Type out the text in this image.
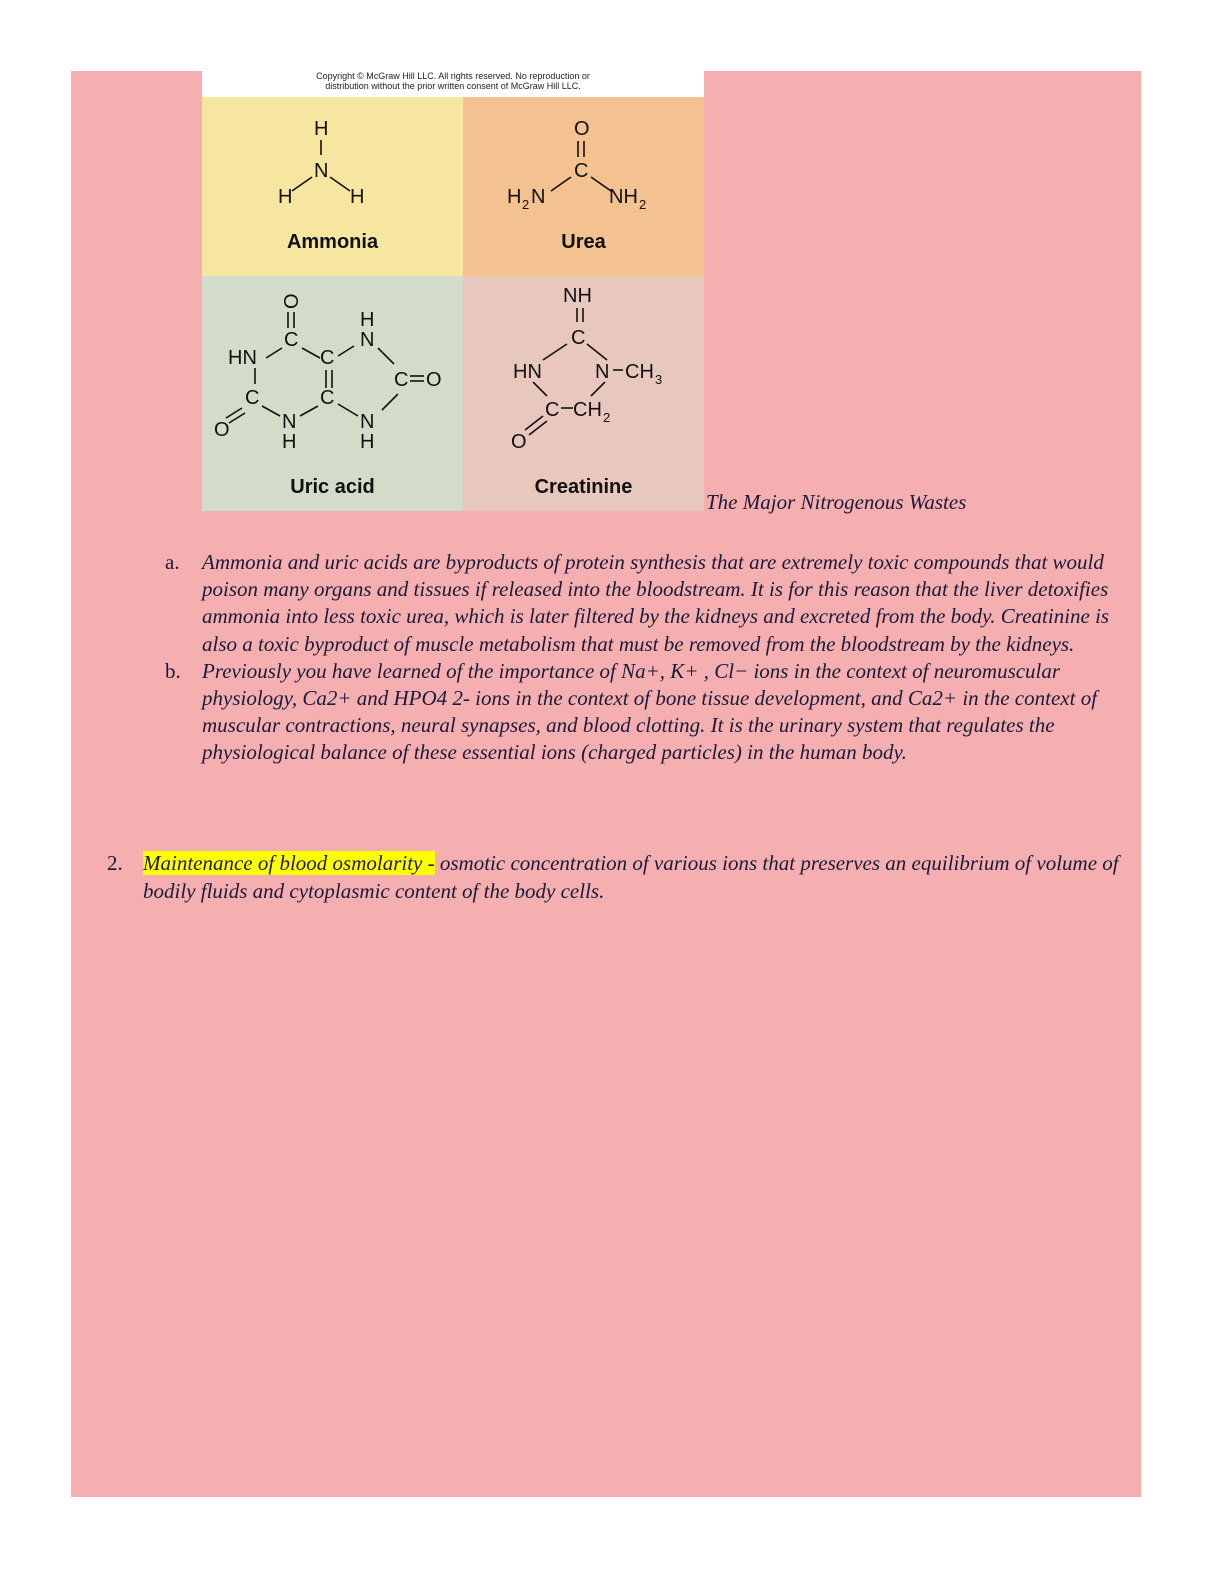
Copyright © McGraw Hill LLC. All rights reserved. No reproduction or
distribution without the prior written consent of McGraw Hill LLC.
H
N
H	H
Ammonia
O
C
H 2 N	NH 2
Urea
O
C
HN
C
O	N
H
C
C
N
H
C O
N
H
Uric acid
NH
C
HN	N CH 3
C CH 2
O
Creatinine
The Major Nitrogenous Wastes
a. Ammonia and uric acids are byproducts of protein synthesis that are extremely toxic compounds that would poison many organs and tissues if released into the bloodstream. It is for this reason that the liver detoxifies ammonia into less toxic urea, which is later filtered by the kidneys and excreted from the body. Creatinine is also a toxic byproduct of muscle metabolism that must be removed from the bloodstream by the kidneys.
b. Previously you have learned of the importance of Na+, K+ , Cl− ions in the context of neuromuscular physiology, Ca2+ and HPO4 2- ions in the context of bone tissue development, and Ca2+ in the context of muscular contractions, neural synapses, and blood clotting. It is the urinary system that regulates the physiological balance of these essential ions (charged particles) in the human body.
2. Maintenance of blood osmolarity - osmotic concentration of various ions that preserves an equilibrium of volume of bodily fluids and cytoplasmic content of the body cells.
